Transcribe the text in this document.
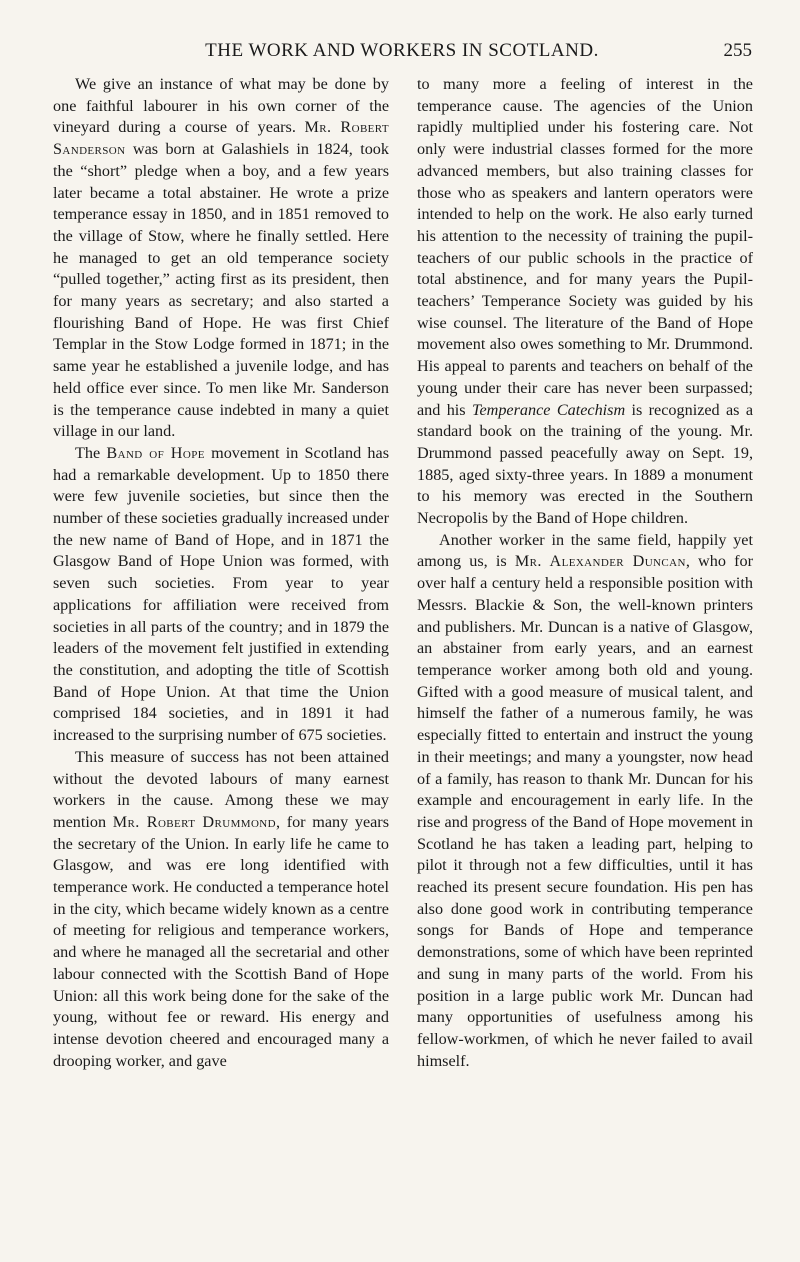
THE WORK AND WORKERS IN SCOTLAND.	255

We give an instance of what may be done by one faithful labourer in his own corner of the vineyard during a course of years. Mr. Robert Sanderson was born at Galashiels in 1824, took the “short” pledge when a boy, and a few years later became a total abstainer. He wrote a prize temperance essay in 1850, and in 1851 removed to the village of Stow, where he finally settled. Here he managed to get an old temperance society “pulled together,” acting first as its president, then for many years as secretary; and also started a flourishing Band of Hope. He was first Chief Templar in the Stow Lodge formed in 1871; in the same year he established a juvenile lodge, and has held office ever since. To men like Mr. Sanderson is the temperance cause indebted in many a quiet village in our land.

The Band of Hope movement in Scotland has had a remarkable development. Up to 1850 there were few juvenile societies, but since then the number of these societies gradually increased under the new name of Band of Hope, and in 1871 the Glasgow Band of Hope Union was formed, with seven such societies. From year to year applications for affiliation were received from societies in all parts of the country; and in 1879 the leaders of the movement felt justified in extending the constitution, and adopting the title of Scottish Band of Hope Union. At that time the Union comprised 184 societies, and in 1891 it had increased to the surprising number of 675 societies.

This measure of success has not been attained without the devoted labours of many earnest workers in the cause. Among these we may mention Mr. Robert Drummond, for many years the secretary of the Union. In early life he came to Glasgow, and was ere long identified with temperance work. He conducted a temperance hotel in the city, which became widely known as a centre of meeting for religious and temperance workers, and where he managed all the secretarial and other labour connected with the Scottish Band of Hope Union: all this work being done for the sake of the young, without fee or reward. His energy and intense devotion cheered and encouraged many a drooping worker, and gave

to many more a feeling of interest in the temperance cause. The agencies of the Union rapidly multiplied under his fostering care. Not only were industrial classes formed for the more advanced members, but also training classes for those who as speakers and lantern operators were intended to help on the work. He also early turned his attention to the necessity of training the pupil-teachers of our public schools in the practice of total abstinence, and for many years the Pupil-teachers’ Temperance Society was guided by his wise counsel. The literature of the Band of Hope movement also owes something to Mr. Drummond. His appeal to parents and teachers on behalf of the young under their care has never been surpassed; and his Temperance Catechism is recognized as a standard book on the training of the young. Mr. Drummond passed peacefully away on Sept. 19, 1885, aged sixty-three years. In 1889 a monument to his memory was erected in the Southern Necropolis by the Band of Hope children.

Another worker in the same field, happily yet among us, is Mr. Alexander Duncan, who for over half a century held a responsible position with Messrs. Blackie & Son, the well-known printers and publishers. Mr. Duncan is a native of Glasgow, an abstainer from early years, and an earnest temperance worker among both old and young. Gifted with a good measure of musical talent, and himself the father of a numerous family, he was especially fitted to entertain and instruct the young in their meetings; and many a youngster, now head of a family, has reason to thank Mr. Duncan for his example and encouragement in early life. In the rise and progress of the Band of Hope movement in Scotland he has taken a leading part, helping to pilot it through not a few difficulties, until it has reached its present secure foundation. His pen has also done good work in contributing temperance songs for Bands of Hope and temperance demonstrations, some of which have been reprinted and sung in many parts of the world. From his position in a large public work Mr. Duncan had many opportunities of usefulness among his fellow-workmen, of which he never failed to avail himself.
